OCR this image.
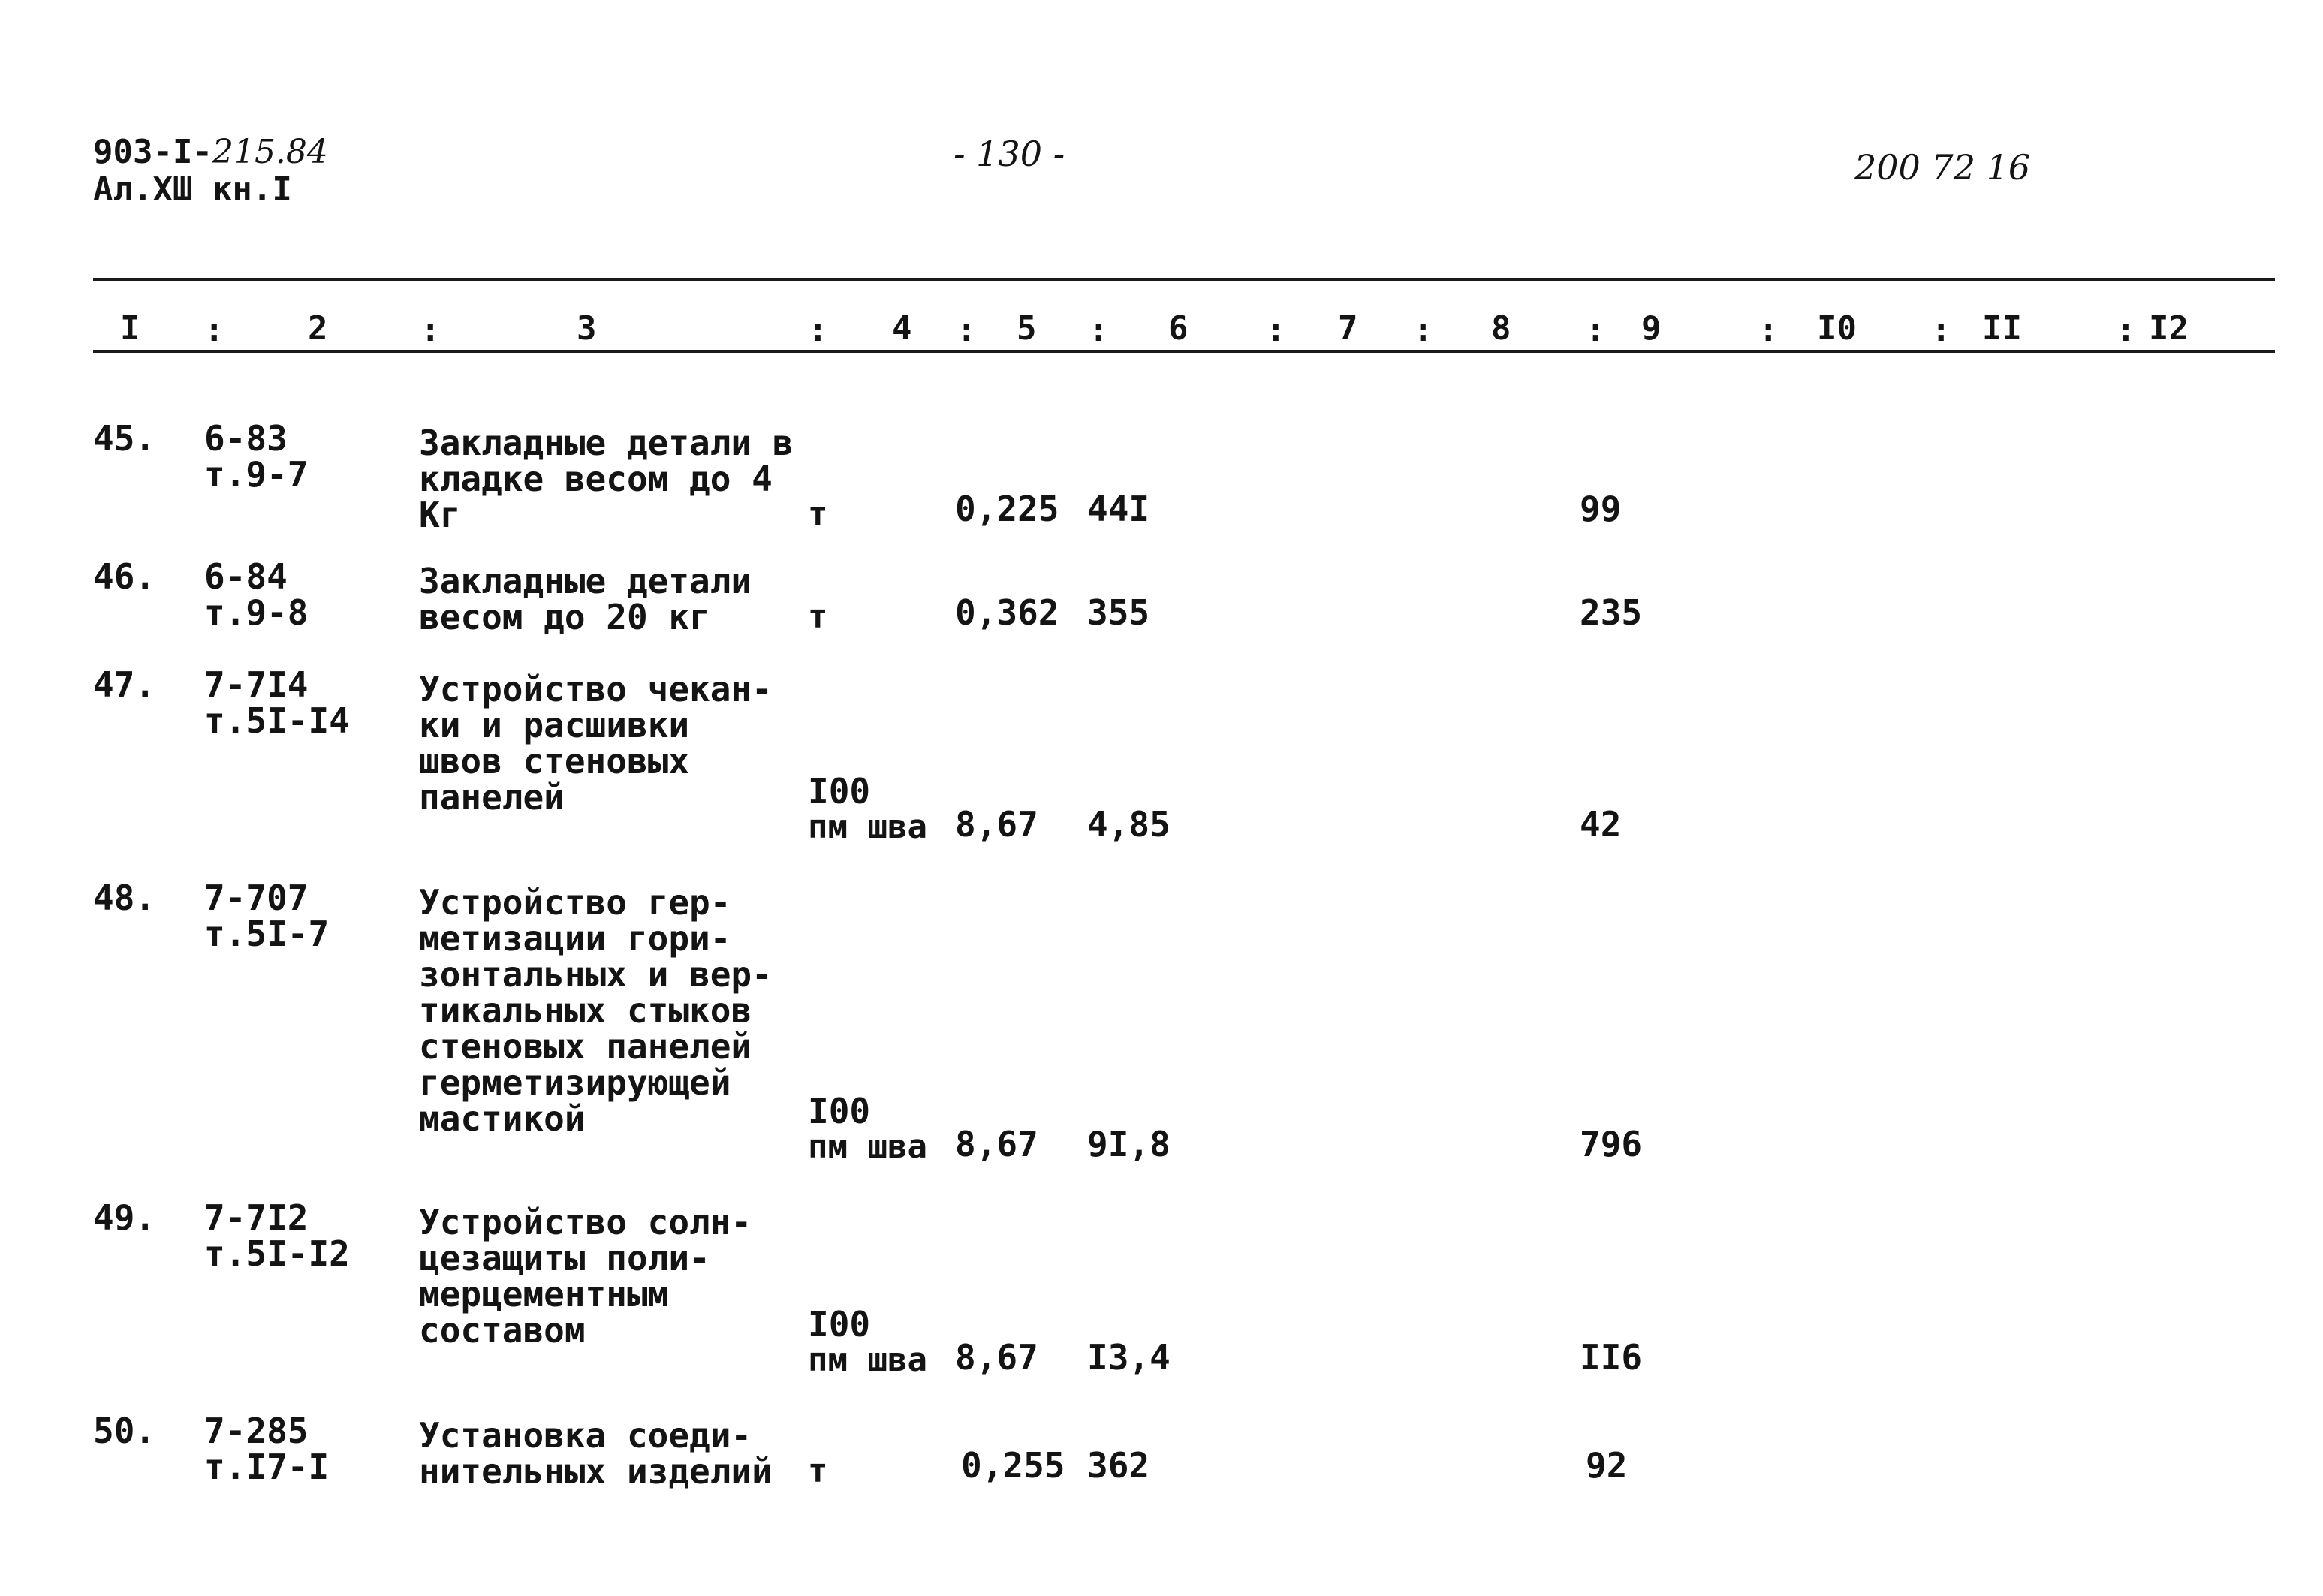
903-I-215.84
Ал.XШ кн.I
- 130 -	200 72 16
I :	2	:	3	: 4 : 5 : 6 : 7 : 8 : 9	: I0 : II	: I2
45. 6-83
т.9-7
Закладные детали в
кладке весом до 4
Кг	т	0,225 44I	99
46. 6-84
т.9-8
Закладные детали
весом до 20 кг	т	0,362 355	235
47. 7-7I4
т.5I-I4
Устройство чекан-
ки и расшивки
швов стеновых
панелей	I00
пм шва 8,67 4,85	42
48. 7-707
т.5I-7
Устройство гер-
метизации гори-
зонтальных и вер-
тикальных стыков
стеновых панелей
герметизирующей
мастикой	I00
пм шва 8,67 9I,8	796
49. 7-7I2
т.5I-I2
Устройство солн-
цезащиты поли-
мерцементным
составом	I00
пм шва 8,67 I3,4	II6
50. 7-285
т.I7-I
Установка соеди-
нительных изделий т	0,255 362	92
